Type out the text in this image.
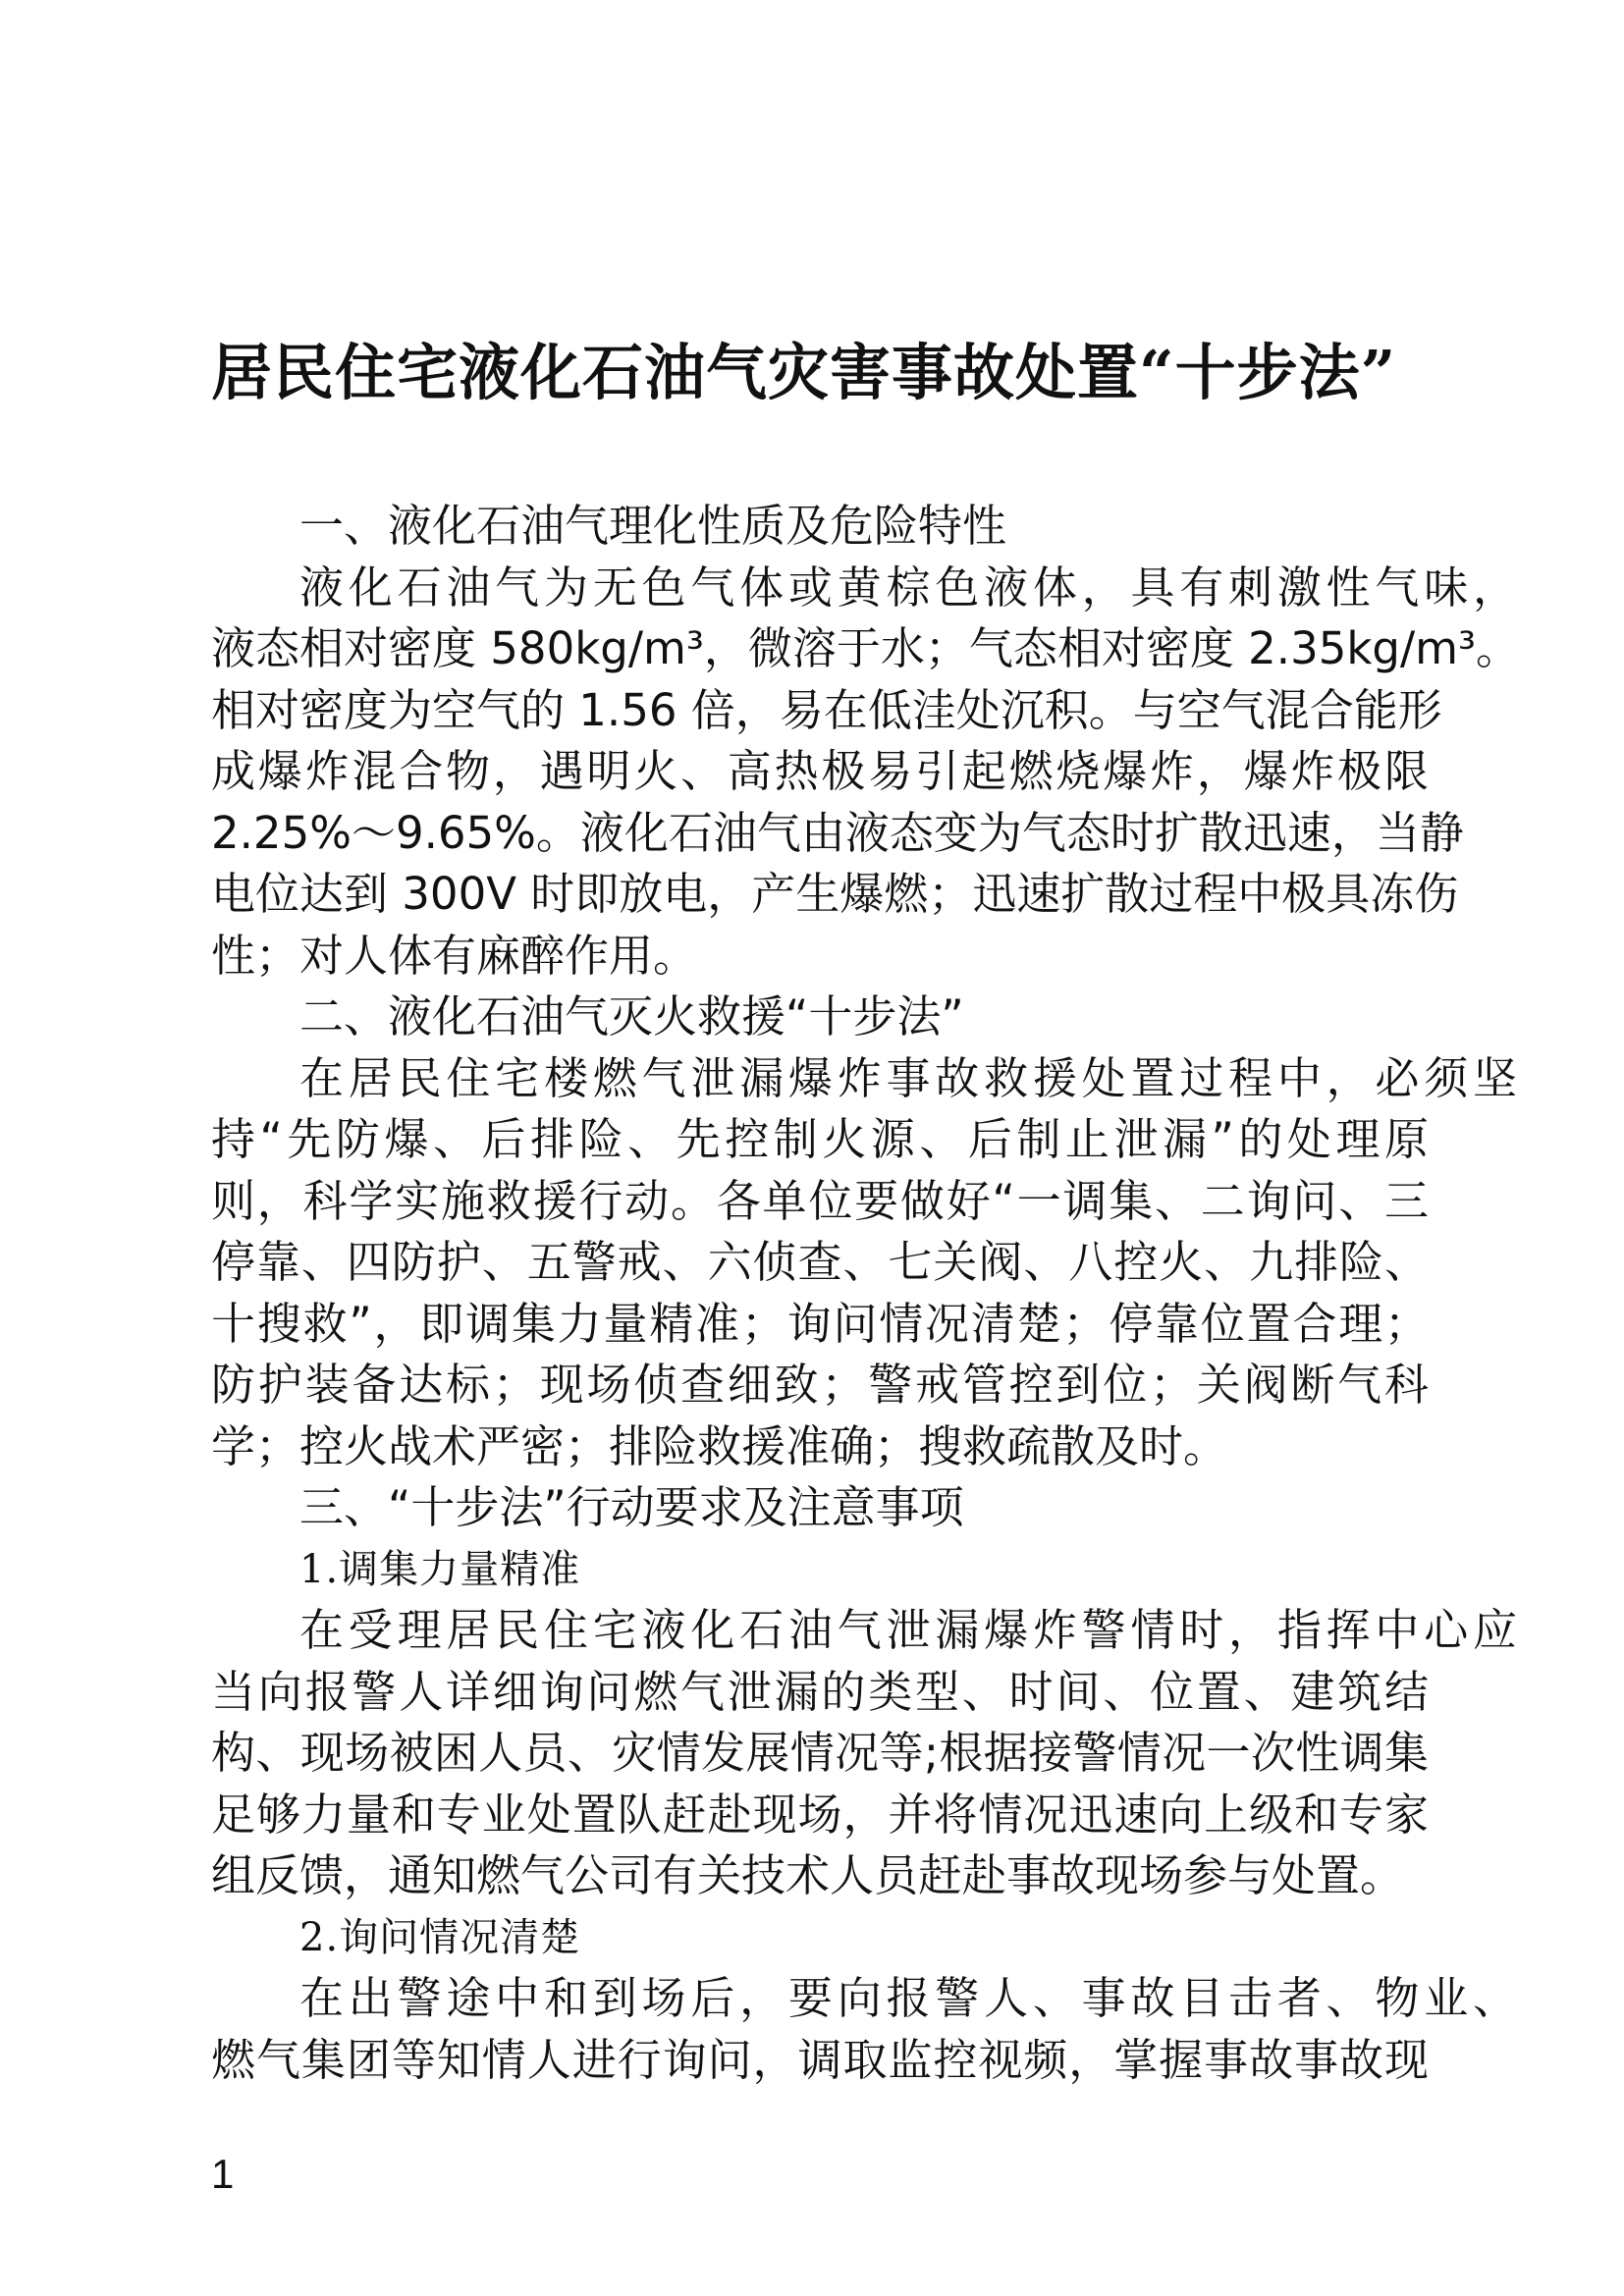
居民住宅液化石油气灾害事故处置“十步法”
一、液化石油气理化性质及危险特性
液化石油气为无色气体或黄棕色液体，具有刺激性气味，
液态相对密度 580kg/m³，微溶于水；气态相对密度 2.35kg/m³。
相对密度为空气的 1.56 倍，易在低洼处沉积。与空气混合能形
成爆炸混合物，遇明火、高热极易引起燃烧爆炸，爆炸极限
2.25%～9.65%。液化石油气由液态变为气态时扩散迅速，当静
电位达到 300V 时即放电，产生爆燃；迅速扩散过程中极具冻伤
性；对人体有麻醉作用。
二、液化石油气灭火救援“十步法”
在居民住宅楼燃气泄漏爆炸事故救援处置过程中，必须坚
持“先防爆、后排险、先控制火源、后制止泄漏”的处理原
则，科学实施救援行动。各单位要做好“一调集、二询问、三
停靠、四防护、五警戒、六侦查、七关阀、八控火、九排险、
十搜救”，即调集力量精准；询问情况清楚；停靠位置合理；
防护装备达标；现场侦查细致；警戒管控到位；关阀断气科
学；控火战术严密；排险救援准确；搜救疏散及时。
三、“十步法”行动要求及注意事项
1.调集力量精准
在受理居民住宅液化石油气泄漏爆炸警情时，指挥中心应
当向报警人详细询问燃气泄漏的类型、时间、位置、建筑结
构、现场被困人员、灾情发展情况等;根据接警情况一次性调集
足够力量和专业处置队赶赴现场，并将情况迅速向上级和专家
组反馈，通知燃气公司有关技术人员赶赴事故现场参与处置。
2.询问情况清楚
在出警途中和到场后，要向报警人、事故目击者、物业、
燃气集团等知情人进行询问，调取监控视频，掌握事故事故现
1
